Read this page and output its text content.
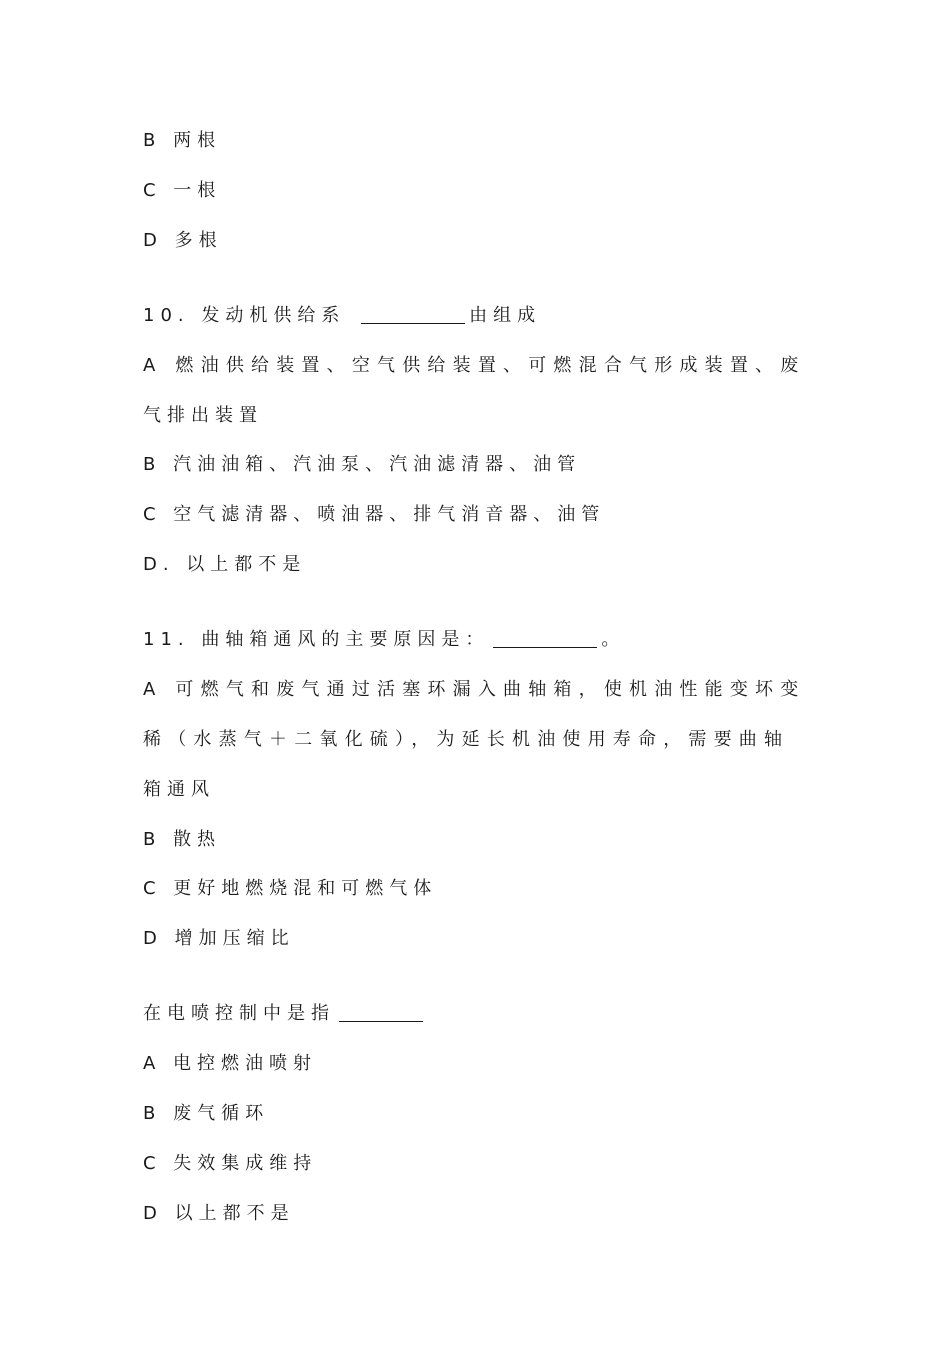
B 两根
C 一根
D 多根
10. 发动机供给系	由组成
A 燃油供给装置、空气供给装置、可燃混合气形成装置、废
气排出装置
B 汽油油箱、汽油泵、汽油滤清器、油管
C 空气滤清器、喷油器、排气消音器、油管
D. 以上都不是
11. 曲轴箱通风的主要原因是：	。
A 可燃气和废气通过活塞环漏入曲轴箱，使机油性能变坏变
稀（水蒸气＋二氧化硫），为延长机油使用寿命，需要曲轴
箱通风
B 散热
C 更好地燃烧混和可燃气体
D 增加压缩比
在电喷控制中是指
A 电控燃油喷射
B 废气循环
C 失效集成维持
D 以上都不是
